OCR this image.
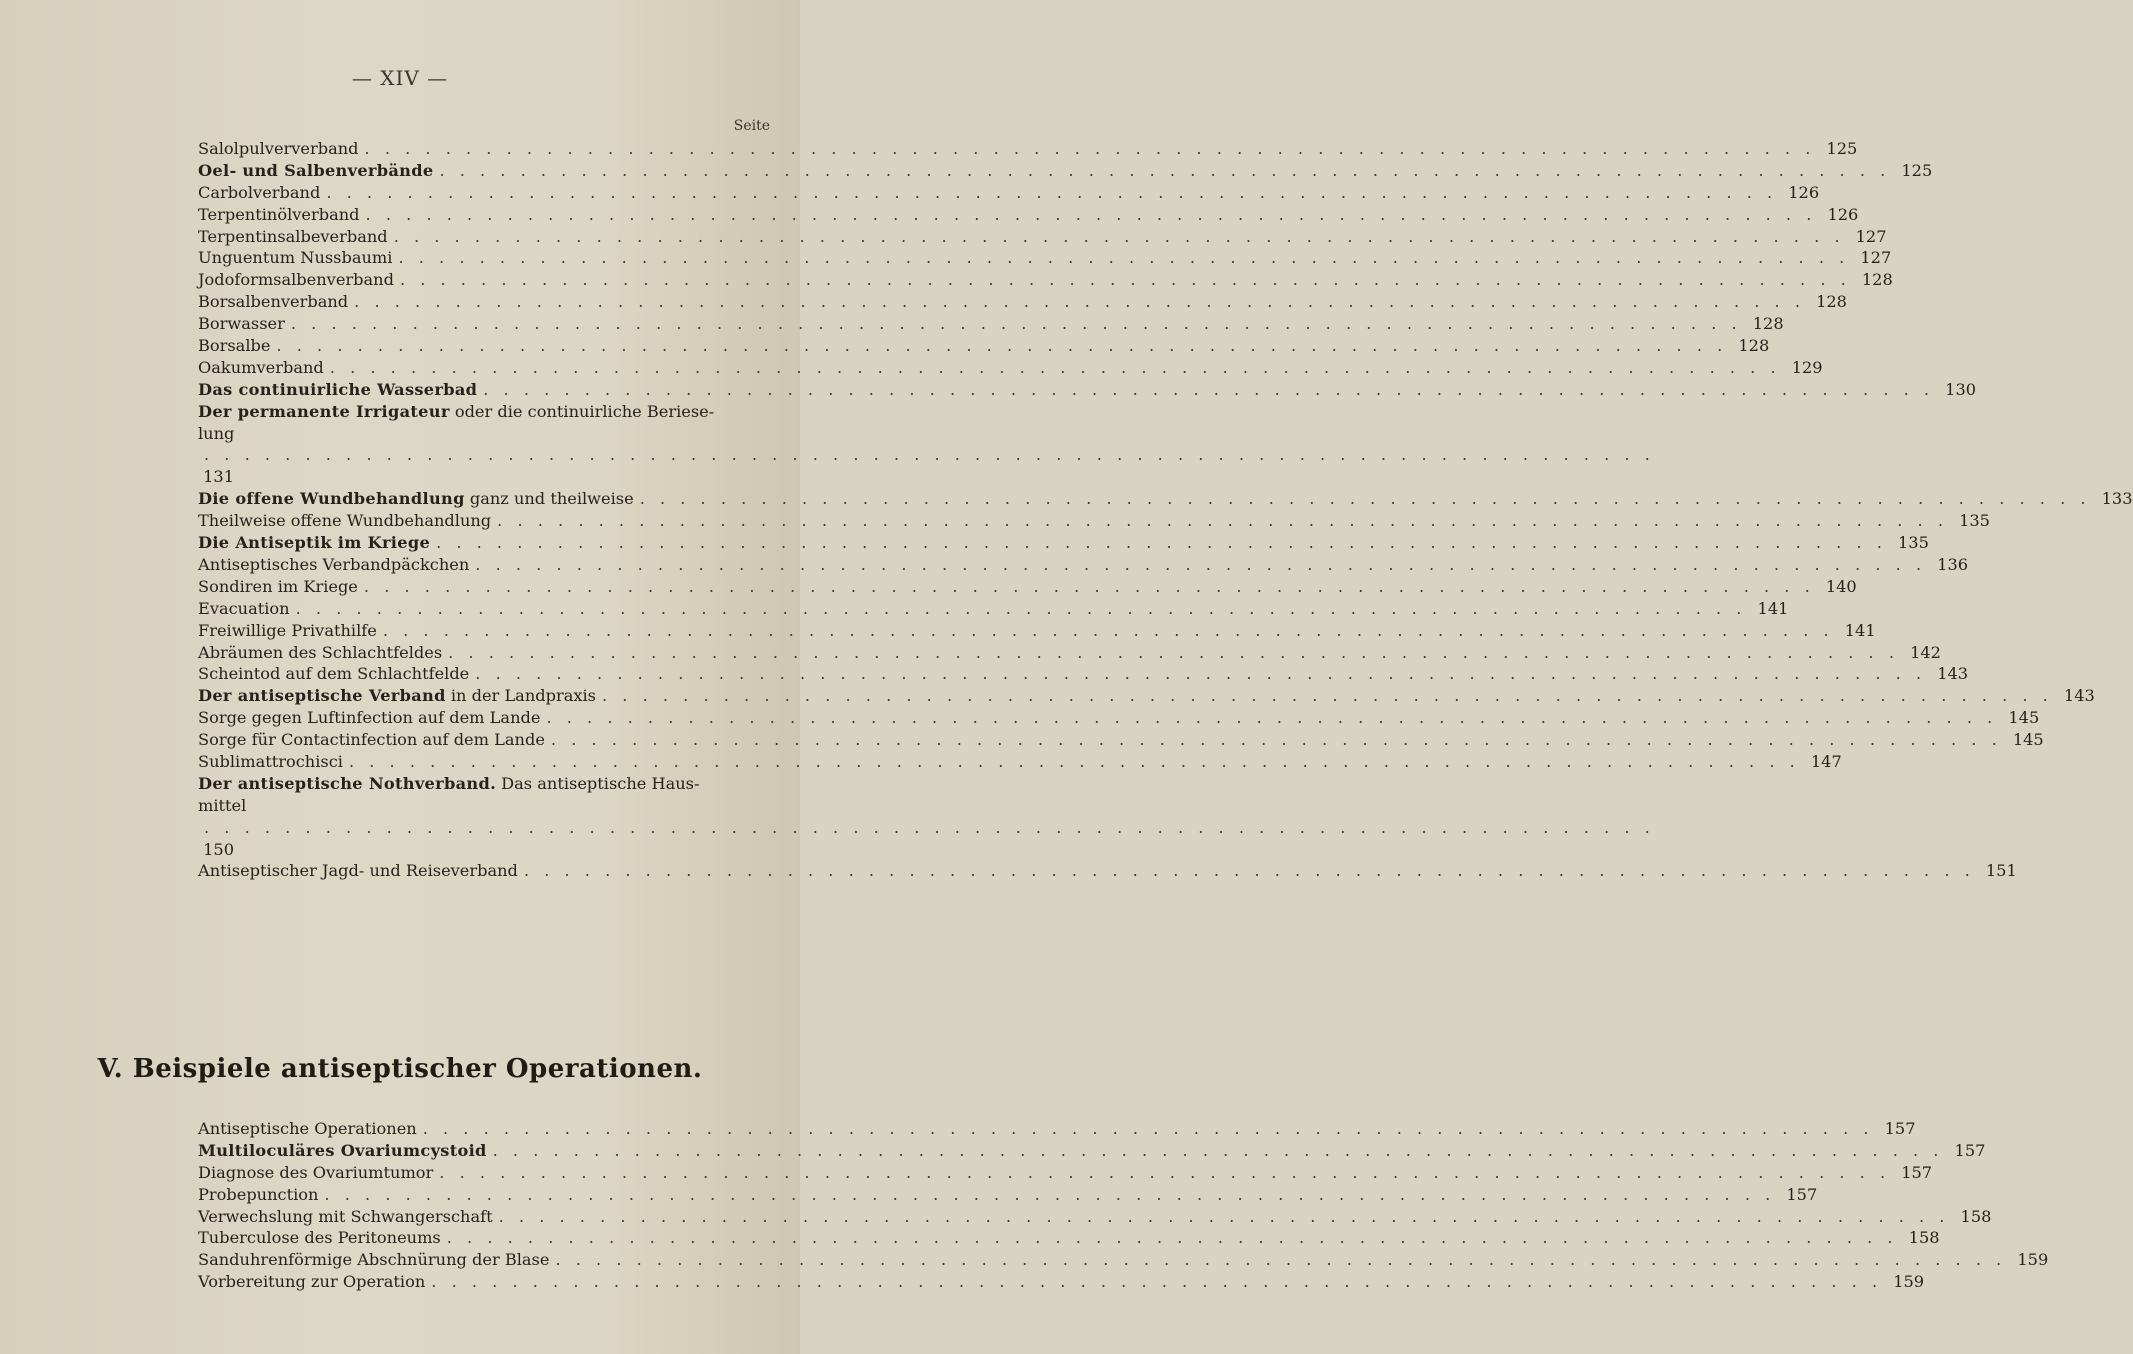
— XIV —
Seite
Salolpulververband . . . . . . . . . . . . . . . . . . . . . . . . . . . . . . . . . . . . . . . . . . . . . . . . . . . . . . . . . . . . . . . . . . . . . . . . 125
Oel- und Salbenverbände . . . . . . . . . . . . . . . . . . . . . . . . . . . . . . . . . . . . . . . . . . . . . . . . . . . . . . . . . . . . . . . . . . . . . . . . 125
Carbolverband . . . . . . . . . . . . . . . . . . . . . . . . . . . . . . . . . . . . . . . . . . . . . . . . . . . . . . . . . . . . . . . . . . . . . . . . 126
Terpentinölverband . . . . . . . . . . . . . . . . . . . . . . . . . . . . . . . . . . . . . . . . . . . . . . . . . . . . . . . . . . . . . . . . . . . . . . . . 126
Terpentinsalbeverband . . . . . . . . . . . . . . . . . . . . . . . . . . . . . . . . . . . . . . . . . . . . . . . . . . . . . . . . . . . . . . . . . . . . . . . . 127
Unguentum Nussbaumi . . . . . . . . . . . . . . . . . . . . . . . . . . . . . . . . . . . . . . . . . . . . . . . . . . . . . . . . . . . . . . . . . . . . . . . . 127
Jodoformsalbenverband . . . . . . . . . . . . . . . . . . . . . . . . . . . . . . . . . . . . . . . . . . . . . . . . . . . . . . . . . . . . . . . . . . . . . . . . 128
Borsalbenverband . . . . . . . . . . . . . . . . . . . . . . . . . . . . . . . . . . . . . . . . . . . . . . . . . . . . . . . . . . . . . . . . . . . . . . . . 128
Borwasser . . . . . . . . . . . . . . . . . . . . . . . . . . . . . . . . . . . . . . . . . . . . . . . . . . . . . . . . . . . . . . . . . . . . . . . . 128
Borsalbe . . . . . . . . . . . . . . . . . . . . . . . . . . . . . . . . . . . . . . . . . . . . . . . . . . . . . . . . . . . . . . . . . . . . . . . . 128
Oakumverband . . . . . . . . . . . . . . . . . . . . . . . . . . . . . . . . . . . . . . . . . . . . . . . . . . . . . . . . . . . . . . . . . . . . . . . . 129
Das continuirliche Wasserbad . . . . . . . . . . . . . . . . . . . . . . . . . . . . . . . . . . . . . . . . . . . . . . . . . . . . . . . . . . . . . . . . . . . . . . . . 130
Der permanente Irrigateur oder die continuirliche Beriese-
lung
. . . . . . . . . . . . . . . . . . . . . . . . . . . . . . . . . . . . . . . . . . . . . . . . . . . . . . . . . . . . . . . . . . . . . . . .
131
Die offene Wundbehandlung ganz und theilweise . . . . . . . . . . . . . . . . . . . . . . . . . . . . . . . . . . . . . . . . . . . . . . . . . . . . . . . . . . . . . . . . . . . . . . . . 133
Theilweise offene Wundbehandlung . . . . . . . . . . . . . . . . . . . . . . . . . . . . . . . . . . . . . . . . . . . . . . . . . . . . . . . . . . . . . . . . . . . . . . . . 135
Die Antiseptik im Kriege . . . . . . . . . . . . . . . . . . . . . . . . . . . . . . . . . . . . . . . . . . . . . . . . . . . . . . . . . . . . . . . . . . . . . . . . 135
Antiseptisches Verbandpäckchen . . . . . . . . . . . . . . . . . . . . . . . . . . . . . . . . . . . . . . . . . . . . . . . . . . . . . . . . . . . . . . . . . . . . . . . . 136
Sondiren im Kriege . . . . . . . . . . . . . . . . . . . . . . . . . . . . . . . . . . . . . . . . . . . . . . . . . . . . . . . . . . . . . . . . . . . . . . . . 140
Evacuation . . . . . . . . . . . . . . . . . . . . . . . . . . . . . . . . . . . . . . . . . . . . . . . . . . . . . . . . . . . . . . . . . . . . . . . . 141
Freiwillige Privathilfe . . . . . . . . . . . . . . . . . . . . . . . . . . . . . . . . . . . . . . . . . . . . . . . . . . . . . . . . . . . . . . . . . . . . . . . . 141
Abräumen des Schlachtfeldes . . . . . . . . . . . . . . . . . . . . . . . . . . . . . . . . . . . . . . . . . . . . . . . . . . . . . . . . . . . . . . . . . . . . . . . . 142
Scheintod auf dem Schlachtfelde . . . . . . . . . . . . . . . . . . . . . . . . . . . . . . . . . . . . . . . . . . . . . . . . . . . . . . . . . . . . . . . . . . . . . . . . 143
Der antiseptische Verband in der Landpraxis . . . . . . . . . . . . . . . . . . . . . . . . . . . . . . . . . . . . . . . . . . . . . . . . . . . . . . . . . . . . . . . . . . . . . . . . 143
Sorge gegen Luftinfection auf dem Lande . . . . . . . . . . . . . . . . . . . . . . . . . . . . . . . . . . . . . . . . . . . . . . . . . . . . . . . . . . . . . . . . . . . . . . . . 145
Sorge für Contactinfection auf dem Lande . . . . . . . . . . . . . . . . . . . . . . . . . . . . . . . . . . . . . . . . . . . . . . . . . . . . . . . . . . . . . . . . . . . . . . . . 145
Sublimattrochisci . . . . . . . . . . . . . . . . . . . . . . . . . . . . . . . . . . . . . . . . . . . . . . . . . . . . . . . . . . . . . . . . . . . . . . . . 147
Der antiseptische Nothverband. Das antiseptische Haus-
mittel
. . . . . . . . . . . . . . . . . . . . . . . . . . . . . . . . . . . . . . . . . . . . . . . . . . . . . . . . . . . . . . . . . . . . . . . .
150
Antiseptischer Jagd- und Reiseverband . . . . . . . . . . . . . . . . . . . . . . . . . . . . . . . . . . . . . . . . . . . . . . . . . . . . . . . . . . . . . . . . . . . . . . . . 151
V. Beispiele antiseptischer Operationen.
Antiseptische Operationen . . . . . . . . . . . . . . . . . . . . . . . . . . . . . . . . . . . . . . . . . . . . . . . . . . . . . . . . . . . . . . . . . . . . . . . . 157
Multiloculäres Ovariumcystoid . . . . . . . . . . . . . . . . . . . . . . . . . . . . . . . . . . . . . . . . . . . . . . . . . . . . . . . . . . . . . . . . . . . . . . . . 157
Diagnose des Ovariumtumor . . . . . . . . . . . . . . . . . . . . . . . . . . . . . . . . . . . . . . . . . . . . . . . . . . . . . . . . . . . . . . . . . . . . . . . . 157
Probepunction . . . . . . . . . . . . . . . . . . . . . . . . . . . . . . . . . . . . . . . . . . . . . . . . . . . . . . . . . . . . . . . . . . . . . . . . 157
Verwechslung mit Schwangerschaft . . . . . . . . . . . . . . . . . . . . . . . . . . . . . . . . . . . . . . . . . . . . . . . . . . . . . . . . . . . . . . . . . . . . . . . . 158
Tuberculose des Peritoneums . . . . . . . . . . . . . . . . . . . . . . . . . . . . . . . . . . . . . . . . . . . . . . . . . . . . . . . . . . . . . . . . . . . . . . . . 158
Sanduhrenförmige Abschnürung der Blase . . . . . . . . . . . . . . . . . . . . . . . . . . . . . . . . . . . . . . . . . . . . . . . . . . . . . . . . . . . . . . . . . . . . . . . . 159
Vorbereitung zur Operation . . . . . . . . . . . . . . . . . . . . . . . . . . . . . . . . . . . . . . . . . . . . . . . . . . . . . . . . . . . . . . . . . . . . . . . . 159
